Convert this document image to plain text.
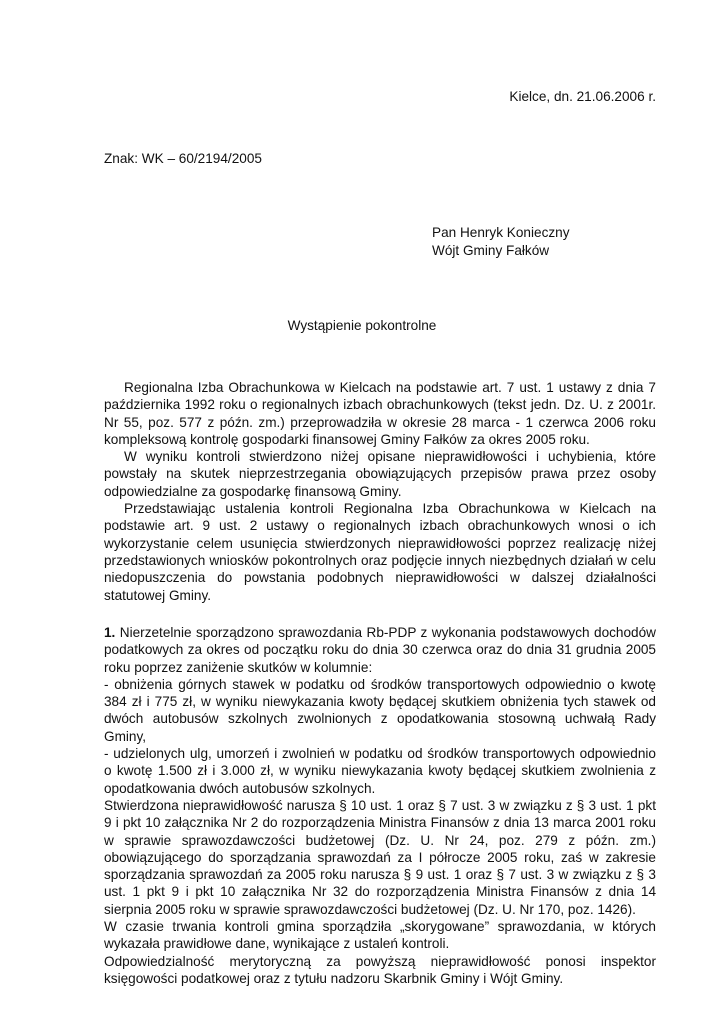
Kielce, dn. 21.06.2006 r.
Znak: WK – 60/2194/2005
Pan Henryk Konieczny
Wójt Gminy Fałków
Wystąpienie pokontrolne

Regionalna Izba Obrachunkowa w Kielcach na podstawie art. 7 ust. 1 ustawy z dnia 7 października 1992 roku o regionalnych izbach obrachunkowych (tekst jedn. Dz. U. z 2001r. Nr 55, poz. 577 z późn. zm.) przeprowadziła w okresie 28 marca - 1 czerwca 2006 roku kompleksową kontrolę gospodarki finansowej Gminy Fałków za okres 2005 roku.

W wyniku kontroli stwierdzono niżej opisane nieprawidłowości i uchybienia, które powstały na skutek nieprzestrzegania obowiązujących przepisów prawa przez osoby odpowiedzialne za gospodarkę finansową Gminy.

Przedstawiając ustalenia kontroli Regionalna Izba Obrachunkowa w Kielcach na podstawie art. 9 ust. 2 ustawy o regionalnych izbach obrachunkowych wnosi o ich wykorzystanie celem usunięcia stwierdzonych nieprawidłowości poprzez realizację niżej przedstawionych wniosków pokontrolnych oraz podjęcie innych niezbędnych działań w celu niedopuszczenia do powstania podobnych nieprawidłowości w dalszej działalności statutowej Gminy.

1. Nierzetelnie sporządzono sprawozdania Rb-PDP z wykonania podstawowych dochodów podatkowych za okres od początku roku do dnia 30 czerwca oraz do dnia 31 grudnia 2005 roku poprzez zaniżenie skutków w kolumnie:

- obniżenia górnych stawek w podatku od środków transportowych odpowiednio o kwotę 384 zł i 775 zł, w wyniku niewykazania kwoty będącej skutkiem obniżenia tych stawek od dwóch autobusów szkolnych zwolnionych z opodatkowania stosowną uchwałą Rady Gminy,

- udzielonych ulg, umorzeń i zwolnień w podatku od środków transportowych odpowiednio o kwotę 1.500 zł i 3.000 zł, w wyniku niewykazania kwoty będącej skutkiem zwolnienia z opodatkowania dwóch autobusów szkolnych.

Stwierdzona nieprawidłowość narusza § 10 ust. 1 oraz § 7 ust. 3 w związku z § 3 ust. 1 pkt 9 i pkt 10 załącznika Nr 2 do rozporządzenia Ministra Finansów z dnia 13 marca 2001 roku w sprawie sprawozdawczości budżetowej (Dz. U. Nr 24, poz. 279 z późn. zm.) obowiązującego do sporządzania sprawozdań za I półrocze 2005 roku, zaś w zakresie sporządzania sprawozdań za 2005 roku narusza § 9 ust. 1 oraz § 7 ust. 3 w związku z § 3 ust. 1 pkt 9 i pkt 10 załącznika Nr 32 do rozporządzenia Ministra Finansów z dnia 14 sierpnia 2005 roku w sprawie sprawozdawczości budżetowej (Dz. U. Nr 170, poz. 1426).

W czasie trwania kontroli gmina sporządziła „skorygowane” sprawozdania, w których wykazała prawidłowe dane, wynikające z ustaleń kontroli.

Odpowiedzialność merytoryczną za powyższą nieprawidłowość ponosi inspektor księgowości podatkowej oraz z tytułu nadzoru Skarbnik Gminy i Wójt Gminy.
